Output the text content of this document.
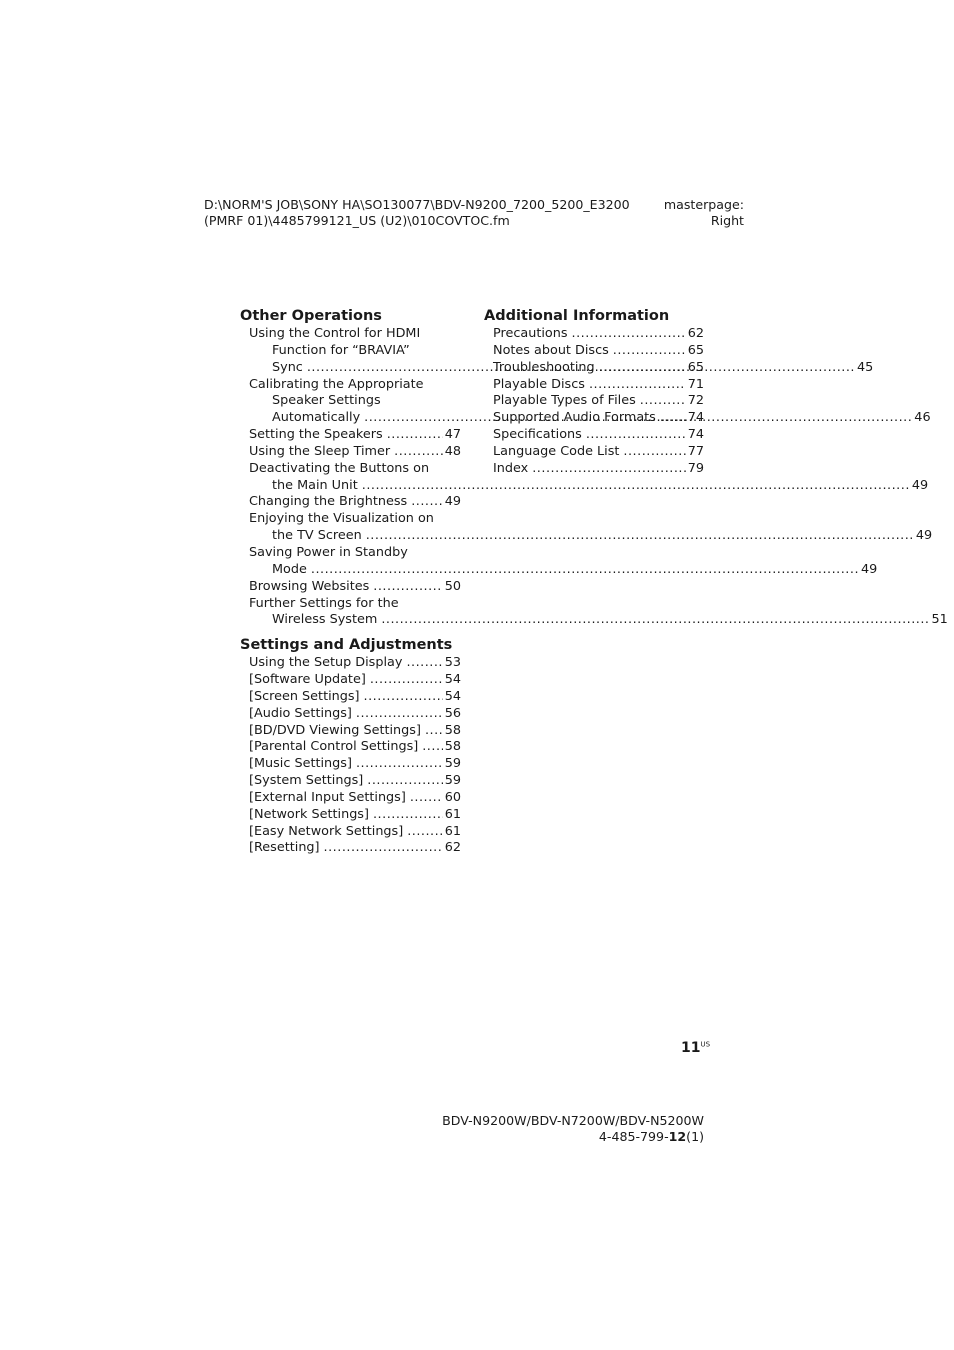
D:\NORM'S JOB\SONY HA\SO130077\BDV-N9200_7200_5200_E3200
(PMRF 01)\4485799121_US (U2)\010COVTOC.fm
masterpage:
Right
Other Operations
Using the Control for HDMI
Function for “BRAVIA”
Sync .....	45
Calibrating the Appropriate
Speaker Settings
Automatically .....	46
Setting the Speakers .....	47
Using the Sleep Timer .....	48
Deactivating the Buttons on
the Main Unit .....	49
Changing the Brightness .....	49
Enjoying the Visualization on
the TV Screen .....	49
Saving Power in Standby
Mode .....	49
Browsing Websites .....	50
Further Settings for the
Wireless System .....	51
Settings and Adjustments
Using the Setup Display .....	53
[Software Update] .....	54
[Screen Settings] .....	54
[Audio Settings] .....	56
[BD/DVD Viewing Settings] ..... 58
[Parental Control Settings] ..... 58
[Music Settings] .....	59
[System Settings] .....	59
[External Input Settings] .....	60
[Network Settings] .....	61
[Easy Network Settings] .....	61
[Resetting] .....	62
Additional Information
Precautions .....	62
Notes about Discs .....	65
Troubleshooting .....	65
Playable Discs .....	71
Playable Types of Files .....	72
Supported Audio Formats ..... 74
Specifications .....	74
Language Code List .....	77
Index .....	79
$11^{US}$
BDV-N9200W/BDV-N7200W/BDV-N5200W
4-485-799-12(1)
